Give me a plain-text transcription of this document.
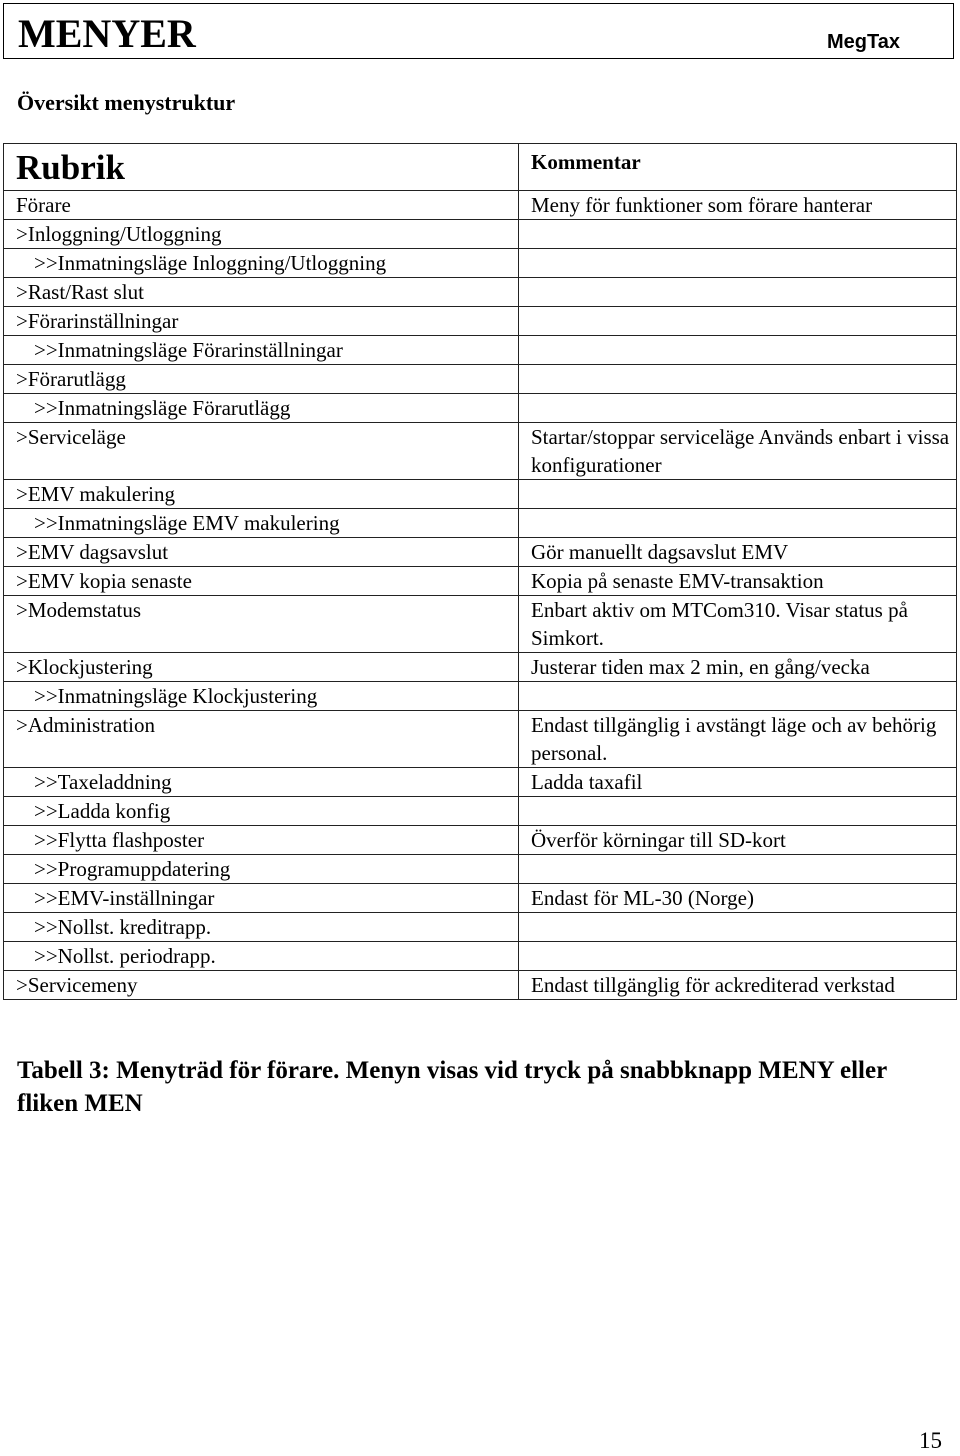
MENYER	MegTax
Översikt menystruktur
Rubrik	Kommentar

Förare	Meny för funktioner som förare hanterar
>Inloggning/Utloggning	
>>Inmatningsläge Inloggning/Utloggning	
>Rast/Rast slut	
>Förarinställningar	
>>Inmatningsläge Förarinställningar	
>Förarutlägg	
>>Inmatningsläge Förarutlägg	
>Serviceläge	Startar/stoppar serviceläge Används enbart i vissa konfigurationer
>EMV makulering	
>>Inmatningsläge EMV makulering	
>EMV dagsavslut	Gör manuellt dagsavslut EMV
>EMV kopia senaste	Kopia på senaste EMV-transaktion
>Modemstatus	Enbart aktiv om MTCom310. Visar status på Simkort.
>Klockjustering	Justerar tiden max 2 min, en gång/vecka
>>Inmatningsläge Klockjustering	
>Administration	Endast tillgänglig i avstängt läge och av behörig personal.
>>Taxeladdning	Ladda taxafil
>>Ladda konfig	
>>Flytta flashposter	Överför körningar till SD-kort
>>Programuppdatering	
>>EMV-inställningar	Endast för ML-30 (Norge)
>>Nollst. kreditrapp.	
>>Nollst. periodrapp.	
>Servicemeny	Endast tillgänglig för ackrediterad verkstad

Tabell 3: Menyträd för förare. Menyn visas vid tryck på snabbknapp MENY eller fliken MEN

15
